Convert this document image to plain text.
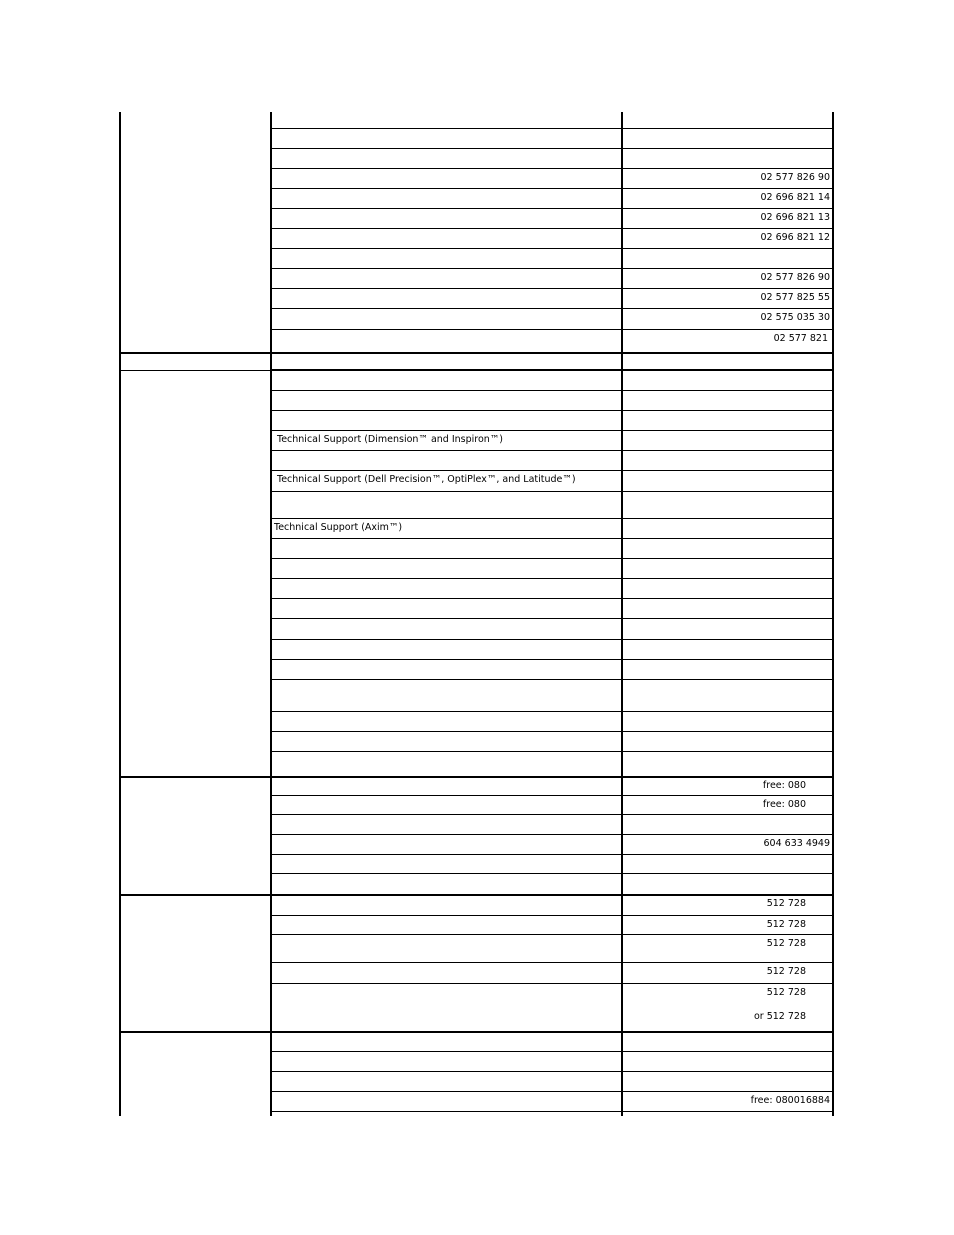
02 577 826 90
02 696 821 14
02 696 821 13
02 696 821 12
02 577 826 90
02 577 825 55
02 575 035 30
02 577 821
Technical Support (Dimension™ and Inspiron™)
Technical Support (Dell Precision™, OptiPlex™, and Latitude™)
Technical Support (Axim™)
free: 080
free: 080
604 633 4949
512 728
512 728
512 728
512 728
512 728
or 512 728
free: 080016884
